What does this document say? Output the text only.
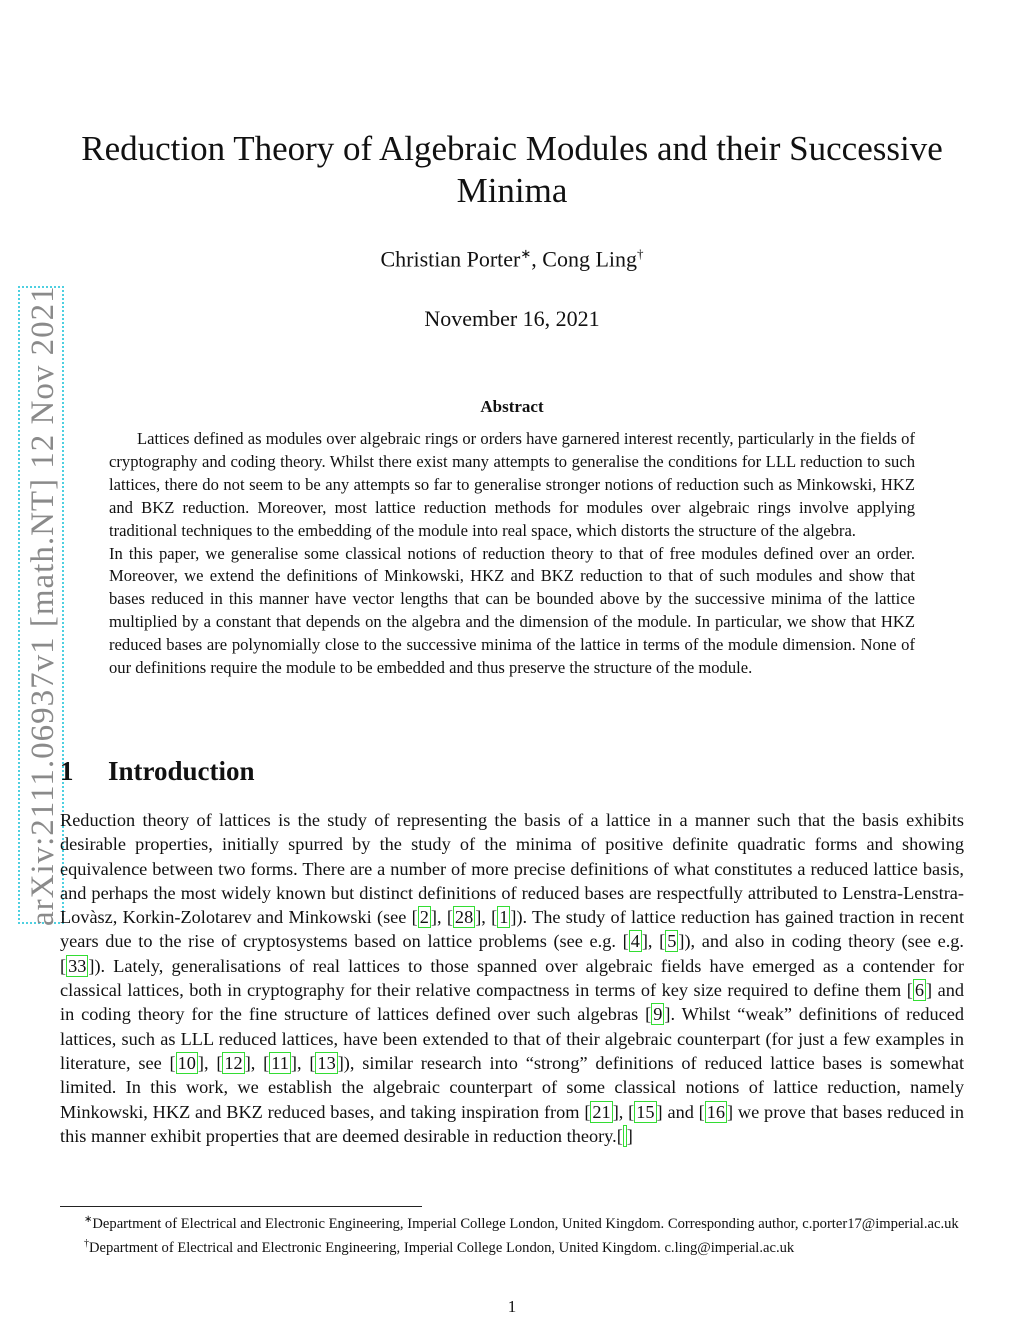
arXiv:2111.06937v1 [math.NT] 12 Nov 2021
Reduction Theory of Algebraic Modules and their Successive Minima
Christian Porter∗, Cong Ling†
November 16, 2021
Abstract

Lattices defined as modules over algebraic rings or orders have garnered interest recently, particularly in the fields of cryptography and coding theory. Whilst there exist many attempts to generalise the conditions for LLL reduction to such lattices, there do not seem to be any attempts so far to generalise stronger notions of reduction such as Minkowski, HKZ and BKZ reduction. Moreover, most lattice reduction methods for modules over algebraic rings involve applying traditional techniques to the embedding of the module into real space, which distorts the structure of the algebra.

In this paper, we generalise some classical notions of reduction theory to that of free modules defined over an order. Moreover, we extend the definitions of Minkowski, HKZ and BKZ reduction to that of such modules and show that bases reduced in this manner have vector lengths that can be bounded above by the successive minima of the lattice multiplied by a constant that depends on the algebra and the dimension of the module. In particular, we show that HKZ reduced bases are polynomially close to the successive minima of the lattice in terms of the module dimension. None of our definitions require the module to be embedded and thus preserve the structure of the module.

1 Introduction

Reduction theory of lattices is the study of representing the basis of a lattice in a manner such that the basis exhibits desirable properties, initially spurred by the study of the minima of positive definite quadratic forms and showing equivalence between two forms. There are a number of more precise definitions of what constitutes a reduced lattice basis, and perhaps the most widely known but distinct definitions of reduced bases are respectfully attributed to Lenstra-Lenstra-Lovàsz, Korkin-Zolotarev and Minkowski (see [ 2 ], [ 28 ], [ 1 ]). The study of lattice reduction has gained traction in recent years due to the rise of cryptosystems based on lattice problems (see e.g. [ 4 ], [ 5 ]), and also in coding theory (see e.g. [ 33 ]). Lately, generalisations of real lattices to those spanned over algebraic fields have emerged as a contender for classical lattices, both in cryptography for their relative compactness in terms of key size required to define them [ 6 ] and in coding theory for the fine structure of lattices defined over such algebras [ 9 ]. Whilst “weak” definitions of reduced lattices, such as LLL reduced lattices, have been extended to that of their algebraic counterpart (for just a few examples in literature, see [ 10 ], [ 12 ], [ 11 ], [ 13 ]), similar research into “strong” definitions of reduced lattice bases is somewhat limited. In this work, we establish the algebraic counterpart of some classical notions of lattice reduction, namely Minkowski, HKZ and BKZ reduced bases, and taking inspiration from [ 21 ], [ 15 ] and [ 16 ] we prove that bases reduced in this manner exhibit properties that are deemed desirable in reduction theory.[ ]

∗Department of Electrical and Electronic Engineering, Imperial College London, United Kingdom. Corresponding author, c.porter17@imperial.ac.uk

†Department of Electrical and Electronic Engineering, Imperial College London, United Kingdom. c.ling@imperial.ac.uk

1
